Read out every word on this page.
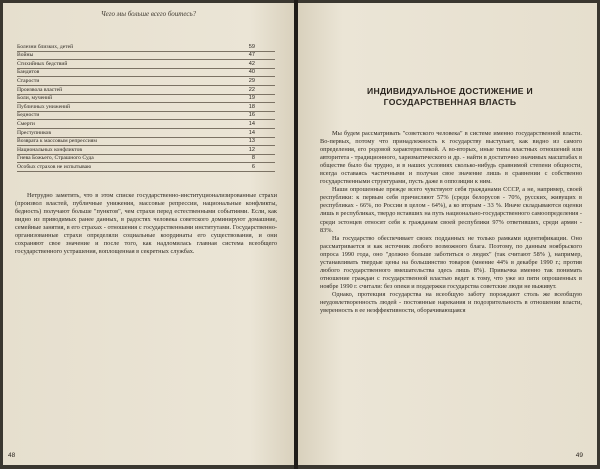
Чего мы больше всего боитесь?
Болезни близких, детей	59
Войны	47
Стихийных бедствий	42
Бандитов	40
Старости	29
Произвола властей	22
Боли, мучений	19
Публичных унижений	18
Бедности	16
Смерти	14
Преступников	14
Возврата к массовым репрессиям	13
Национальных конфликтов	12
Гнева Божьего, Страшного Суда	8
Особых страхов не испытываю	6

Нетрудно заметить, что в этом списке государственно-институционализированные страхи (произвол властей, публичные унижения, массовые репрессии, национальные конфликты, бедность) получают больше "пунктов", чем страхи перед естественными событиями. Если, как видно из приводимых ранее данных, в радостях человека советского доминируют домашние, семейные занятия, в его страхах - отношения с государственными институтами. Государственно-организованные страхи определяли социальные координаты его существования, и они сохраняют свое значение и после того, как надломилась главная система всеобщего государственного устрашения, воплощенная в секретных службах.

48
ИНДИВИДУАЛЬНОЕ ДОСТИЖЕНИЕ И
ГОСУДАРСТВЕННАЯ ВЛАСТЬ

Мы будем рассматривать "советского человека" в системе именно государственной власти. Во-первых, потому что принадлежность к государству выступает, как видно из самого определения, его родовой характеристикой. А во-вторых, иные типы властных отношений или авторитета - традиционного, харизматического и др. - найти в достаточно значимых масштабах в обществе было бы трудно, и в наших условиях сколько-нибудь сравнимой степени общности, всегда оставаясь частичными и получая свое значение лишь в сравнении с собственно государственными структурами, пусть даже в оппозиции к ним.

Наши опрошенные прежде всего чувствуют себя гражданами СССР, а не, например, своей республики: к первым себя причисляют 57% (среди белорусов - 70%, русских, живущих в республиках - 66%, по России в целом - 64%), а ко вторым - 33 %. Иначе складываются оценки лишь в республиках, твердо вставших на путь национально-государственного самоопределения - среди эстонцев относят себя к гражданам своей республики 97% ответивших, среди армян - 83%.

На государство обеспечивает своих подданных не только рамками идентификации. Оно рассматривается и как источник любого возможного блага. Поэтому, по данным ноябрьского опроса 1990 года, оно "должно больше заботиться о людях" (так считают 58% ), например, устанавливать твердые цены на большинство товаров (мнение 44% в декабре 1990 г.; против любого государственного вмешательства здесь лишь 8%). Привычка именно так понимать отношение граждан с государственной властью ведет к тому, что уже из пяти опрошенных в ноябре 1990 г. считали: без опеки и поддержки государства советские люди не выживут.

Однако, протекция государства на всеобщую заботу порождают столь же всеобщую неудовлетворенность людей - постоянные нарекания и подозрительность в отношении власти, уверенность в ее неэффективности, оборачивающаяся

49
